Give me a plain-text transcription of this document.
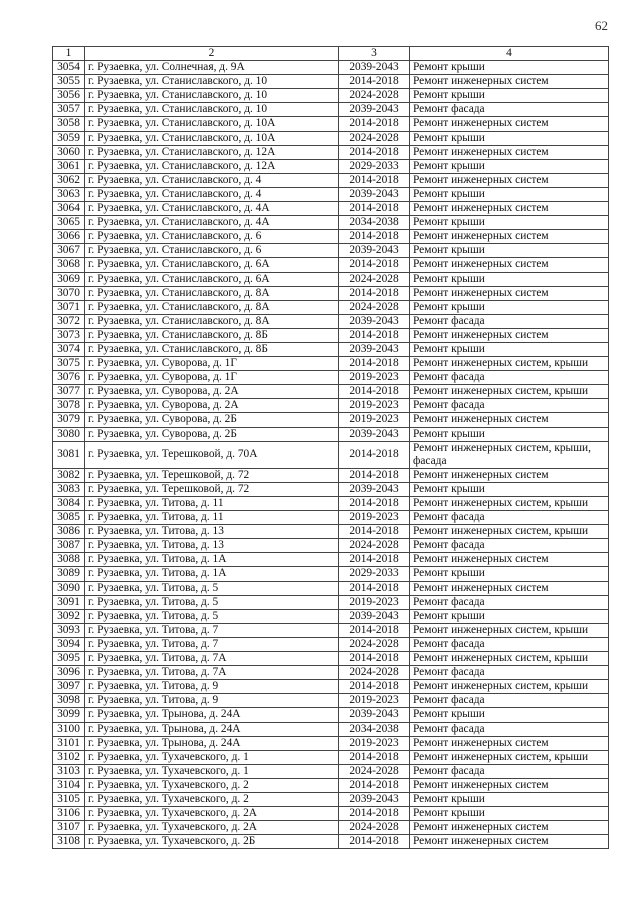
62
1	2	3	4
3054	г. Рузаевка, ул. Солнечная, д. 9А	2039-2043	Ремонт крыши
3055	г. Рузаевка, ул. Станиславского, д. 10	2014-2018	Ремонт инженерных систем
3056	г. Рузаевка, ул. Станиславского, д. 10	2024-2028	Ремонт крыши
3057	г. Рузаевка, ул. Станиславского, д. 10	2039-2043	Ремонт фасада
3058	г. Рузаевка, ул. Станиславского, д. 10А	2014-2018	Ремонт инженерных систем
3059	г. Рузаевка, ул. Станиславского, д. 10А	2024-2028	Ремонт крыши
3060	г. Рузаевка, ул. Станиславского, д. 12А	2014-2018	Ремонт инженерных систем
3061	г. Рузаевка, ул. Станиславского, д. 12А	2029-2033	Ремонт крыши
3062	г. Рузаевка, ул. Станиславского, д. 4	2014-2018	Ремонт инженерных систем
3063	г. Рузаевка, ул. Станиславского, д. 4	2039-2043	Ремонт крыши
3064	г. Рузаевка, ул. Станиславского, д. 4А	2014-2018	Ремонт инженерных систем
3065	г. Рузаевка, ул. Станиславского, д. 4А	2034-2038	Ремонт крыши
3066	г. Рузаевка, ул. Станиславского, д. 6	2014-2018	Ремонт инженерных систем
3067	г. Рузаевка, ул. Станиславского, д. 6	2039-2043	Ремонт крыши
3068	г. Рузаевка, ул. Станиславского, д. 6А	2014-2018	Ремонт инженерных систем
3069	г. Рузаевка, ул. Станиславского, д. 6А	2024-2028	Ремонт крыши
3070	г. Рузаевка, ул. Станиславского, д. 8А	2014-2018	Ремонт инженерных систем
3071	г. Рузаевка, ул. Станиславского, д. 8А	2024-2028	Ремонт крыши
3072	г. Рузаевка, ул. Станиславского, д. 8А	2039-2043	Ремонт фасада
3073	г. Рузаевка, ул. Станиславского, д. 8Б	2014-2018	Ремонт инженерных систем
3074	г. Рузаевка, ул. Станиславского, д. 8Б	2039-2043	Ремонт крыши
3075	г. Рузаевка, ул. Суворова, д. 1Г	2014-2018	Ремонт инженерных систем, крыши
3076	г. Рузаевка, ул. Суворова, д. 1Г	2019-2023	Ремонт фасада
3077	г. Рузаевка, ул. Суворова, д. 2А	2014-2018	Ремонт инженерных систем, крыши
3078	г. Рузаевка, ул. Суворова, д. 2А	2019-2023	Ремонт фасада
3079	г. Рузаевка, ул. Суворова, д. 2Б	2019-2023	Ремонт инженерных систем
3080	г. Рузаевка, ул. Суворова, д. 2Б	2039-2043	Ремонт крыши
3081	г. Рузаевка, ул. Терешковой, д. 70А	2014-2018	Ремонт инженерных систем, крыши, фасада
3082	г. Рузаевка, ул. Терешковой, д. 72	2014-2018	Ремонт инженерных систем
3083	г. Рузаевка, ул. Терешковой, д. 72	2039-2043	Ремонт крыши
3084	г. Рузаевка, ул. Титова, д. 11	2014-2018	Ремонт инженерных систем, крыши
3085	г. Рузаевка, ул. Титова, д. 11	2019-2023	Ремонт фасада
3086	г. Рузаевка, ул. Титова, д. 13	2014-2018	Ремонт инженерных систем, крыши
3087	г. Рузаевка, ул. Титова, д. 13	2024-2028	Ремонт фасада
3088	г. Рузаевка, ул. Титова, д. 1А	2014-2018	Ремонт инженерных систем
3089	г. Рузаевка, ул. Титова, д. 1А	2029-2033	Ремонт крыши
3090	г. Рузаевка, ул. Титова, д. 5	2014-2018	Ремонт инженерных систем
3091	г. Рузаевка, ул. Титова, д. 5	2019-2023	Ремонт фасада
3092	г. Рузаевка, ул. Титова, д. 5	2039-2043	Ремонт крыши
3093	г. Рузаевка, ул. Титова, д. 7	2014-2018	Ремонт инженерных систем, крыши
3094	г. Рузаевка, ул. Титова, д. 7	2024-2028	Ремонт фасада
3095	г. Рузаевка, ул. Титова, д. 7А	2014-2018	Ремонт инженерных систем, крыши
3096	г. Рузаевка, ул. Титова, д. 7А	2024-2028	Ремонт фасада
3097	г. Рузаевка, ул. Титова, д. 9	2014-2018	Ремонт инженерных систем, крыши
3098	г. Рузаевка, ул. Титова, д. 9	2019-2023	Ремонт фасада
3099	г. Рузаевка, ул. Трынова, д. 24А	2039-2043	Ремонт крыши
3100	г. Рузаевка, ул. Трынова, д. 24А	2034-2038	Ремонт фасада
3101	г. Рузаевка, ул. Трынова, д. 24А	2019-2023	Ремонт инженерных систем
3102	г. Рузаевка, ул. Тухачевского, д. 1	2014-2018	Ремонт инженерных систем, крыши
3103	г. Рузаевка, ул. Тухачевского, д. 1	2024-2028	Ремонт фасада
3104	г. Рузаевка, ул. Тухачевского, д. 2	2014-2018	Ремонт инженерных систем
3105	г. Рузаевка, ул. Тухачевского, д. 2	2039-2043	Ремонт крыши
3106	г. Рузаевка, ул. Тухачевского, д. 2А	2014-2018	Ремонт крыши
3107	г. Рузаевка, ул. Тухачевского, д. 2А	2024-2028	Ремонт инженерных систем
3108	г. Рузаевка, ул. Тухачевского, д. 2Б	2014-2018	Ремонт инженерных систем
